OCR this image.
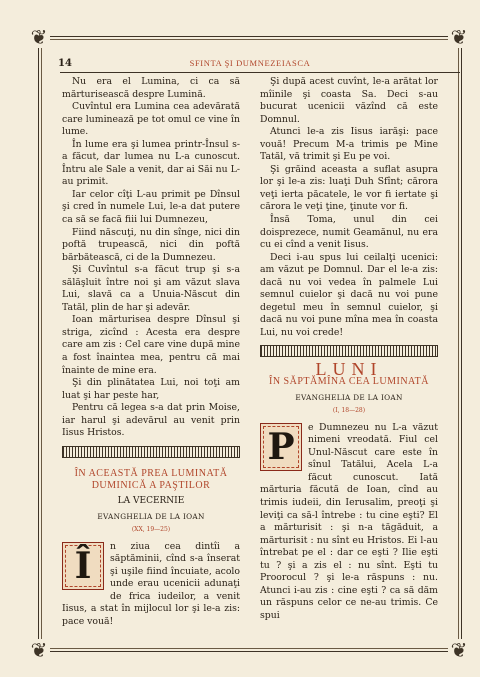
❦	❦
❦	❦
14	SFINTA ŞI DUMNEZEIASCA

Nu era el Lumina, ci ca să mărturisească despre Lumină.

Cuvîntul era Lumina cea adevărată care luminează pe tot omul ce vine în lume.

În lume era şi lumea printr-Însul s-a făcut, dar lumea nu L-a cunoscut. Întru ale Sale a venit, dar ai Săi nu L-au primit.

Iar celor cîţi L-au primit pe Dînsul şi cred în numele Lui, le-a dat putere ca să se facă fiii lui Dumnezeu,

Fiind născuţi, nu din sînge, nici din poftă trupească, nici din poftă bărbătească, ci de la Dumnezeu.

Şi Cuvîntul s-a făcut trup şi s-a sălăşluit între noi şi am văzut slava Lui, slavă ca a Unuia-Născut din Tatăl, plin de har şi adevăr.

Ioan mărturisea despre Dînsul şi striga, zicînd : Acesta era despre care am zis : Cel care vine după mine a fost înaintea mea, pentru că mai înainte de mine era.

Şi din plinătatea Lui, noi toţi am luat şi har peste har,

Pentru că legea s-a dat prin Moise, iar harul şi adevărul au venit prin Iisus Hristos.

ÎN ACEASTĂ PREA LUMINATĂ
DUMINICĂ A PAŞTILOR
LA VECERNIE
EVANGHELIA DE LA IOAN
(XX, 19—25)

Î	n ziua cea dintîi a săptăminii, cînd s-a înserat şi uşile fiind încuiate, acolo unde erau ucenicii adunaţi de frica iudeilor, a venit Iisus, a stat în mijlocul lor şi le-a zis: pace vouă!

Şi după acest cuvînt, le-a arătat lor mîinile şi coasta Sa. Deci s-au bucurat ucenicii văzînd că este Domnul.

Atunci le-a zis Iisus iarăşi: pace vouă! Precum M-a trimis pe Mine Tatăl, vă trimit şi Eu pe voi.

Şi grăind aceasta a suflat asupra lor şi le-a zis: luaţi Duh Sfînt; cărora veţi ierta păcatele, le vor fi iertate şi cărora le veţi ţine, ţinute vor fi.

Însă Toma, unul din cei doisprezece, numit Geamănul, nu era cu ei cînd a venit Iisus.

Deci i-au spus lui ceilalţi ucenici: am văzut pe Domnul. Dar el le-a zis: dacă nu voi vedea în palmele Lui semnul cuielor şi dacă nu voi pune degetul meu în semnul cuielor, şi dacă nu voi pune mîna mea în coasta Lui, nu voi crede!

LUNI
ÎN SĂPTĂMÎNA CEA LUMINATĂ
EVANGHELIA DE LA IOAN
(I, 18—28)

P	e Dumnezeu nu L-a văzut nimeni vreodată. Fiul cel Unul-Născut care este în sînul Tatălui, Acela L-a făcut cunoscut. Iată mărturia făcută de Ioan, cînd au trimis iudeii, din Ierusalim, preoţi şi leviţi ca să-l întrebe : tu cine eşti? El a mărturisit : şi n-a tăgăduit, a mărturisit : nu sînt eu Hristos. Ei l-au întrebat pe el : dar ce eşti ? Ilie eşti tu ? şi a zis el : nu sînt. Eşti tu Proorocul ? şi le-a răspuns : nu. Atunci i-au zis : cine eşti ? ca să dăm un răspuns celor ce ne-au trimis. Ce spui
